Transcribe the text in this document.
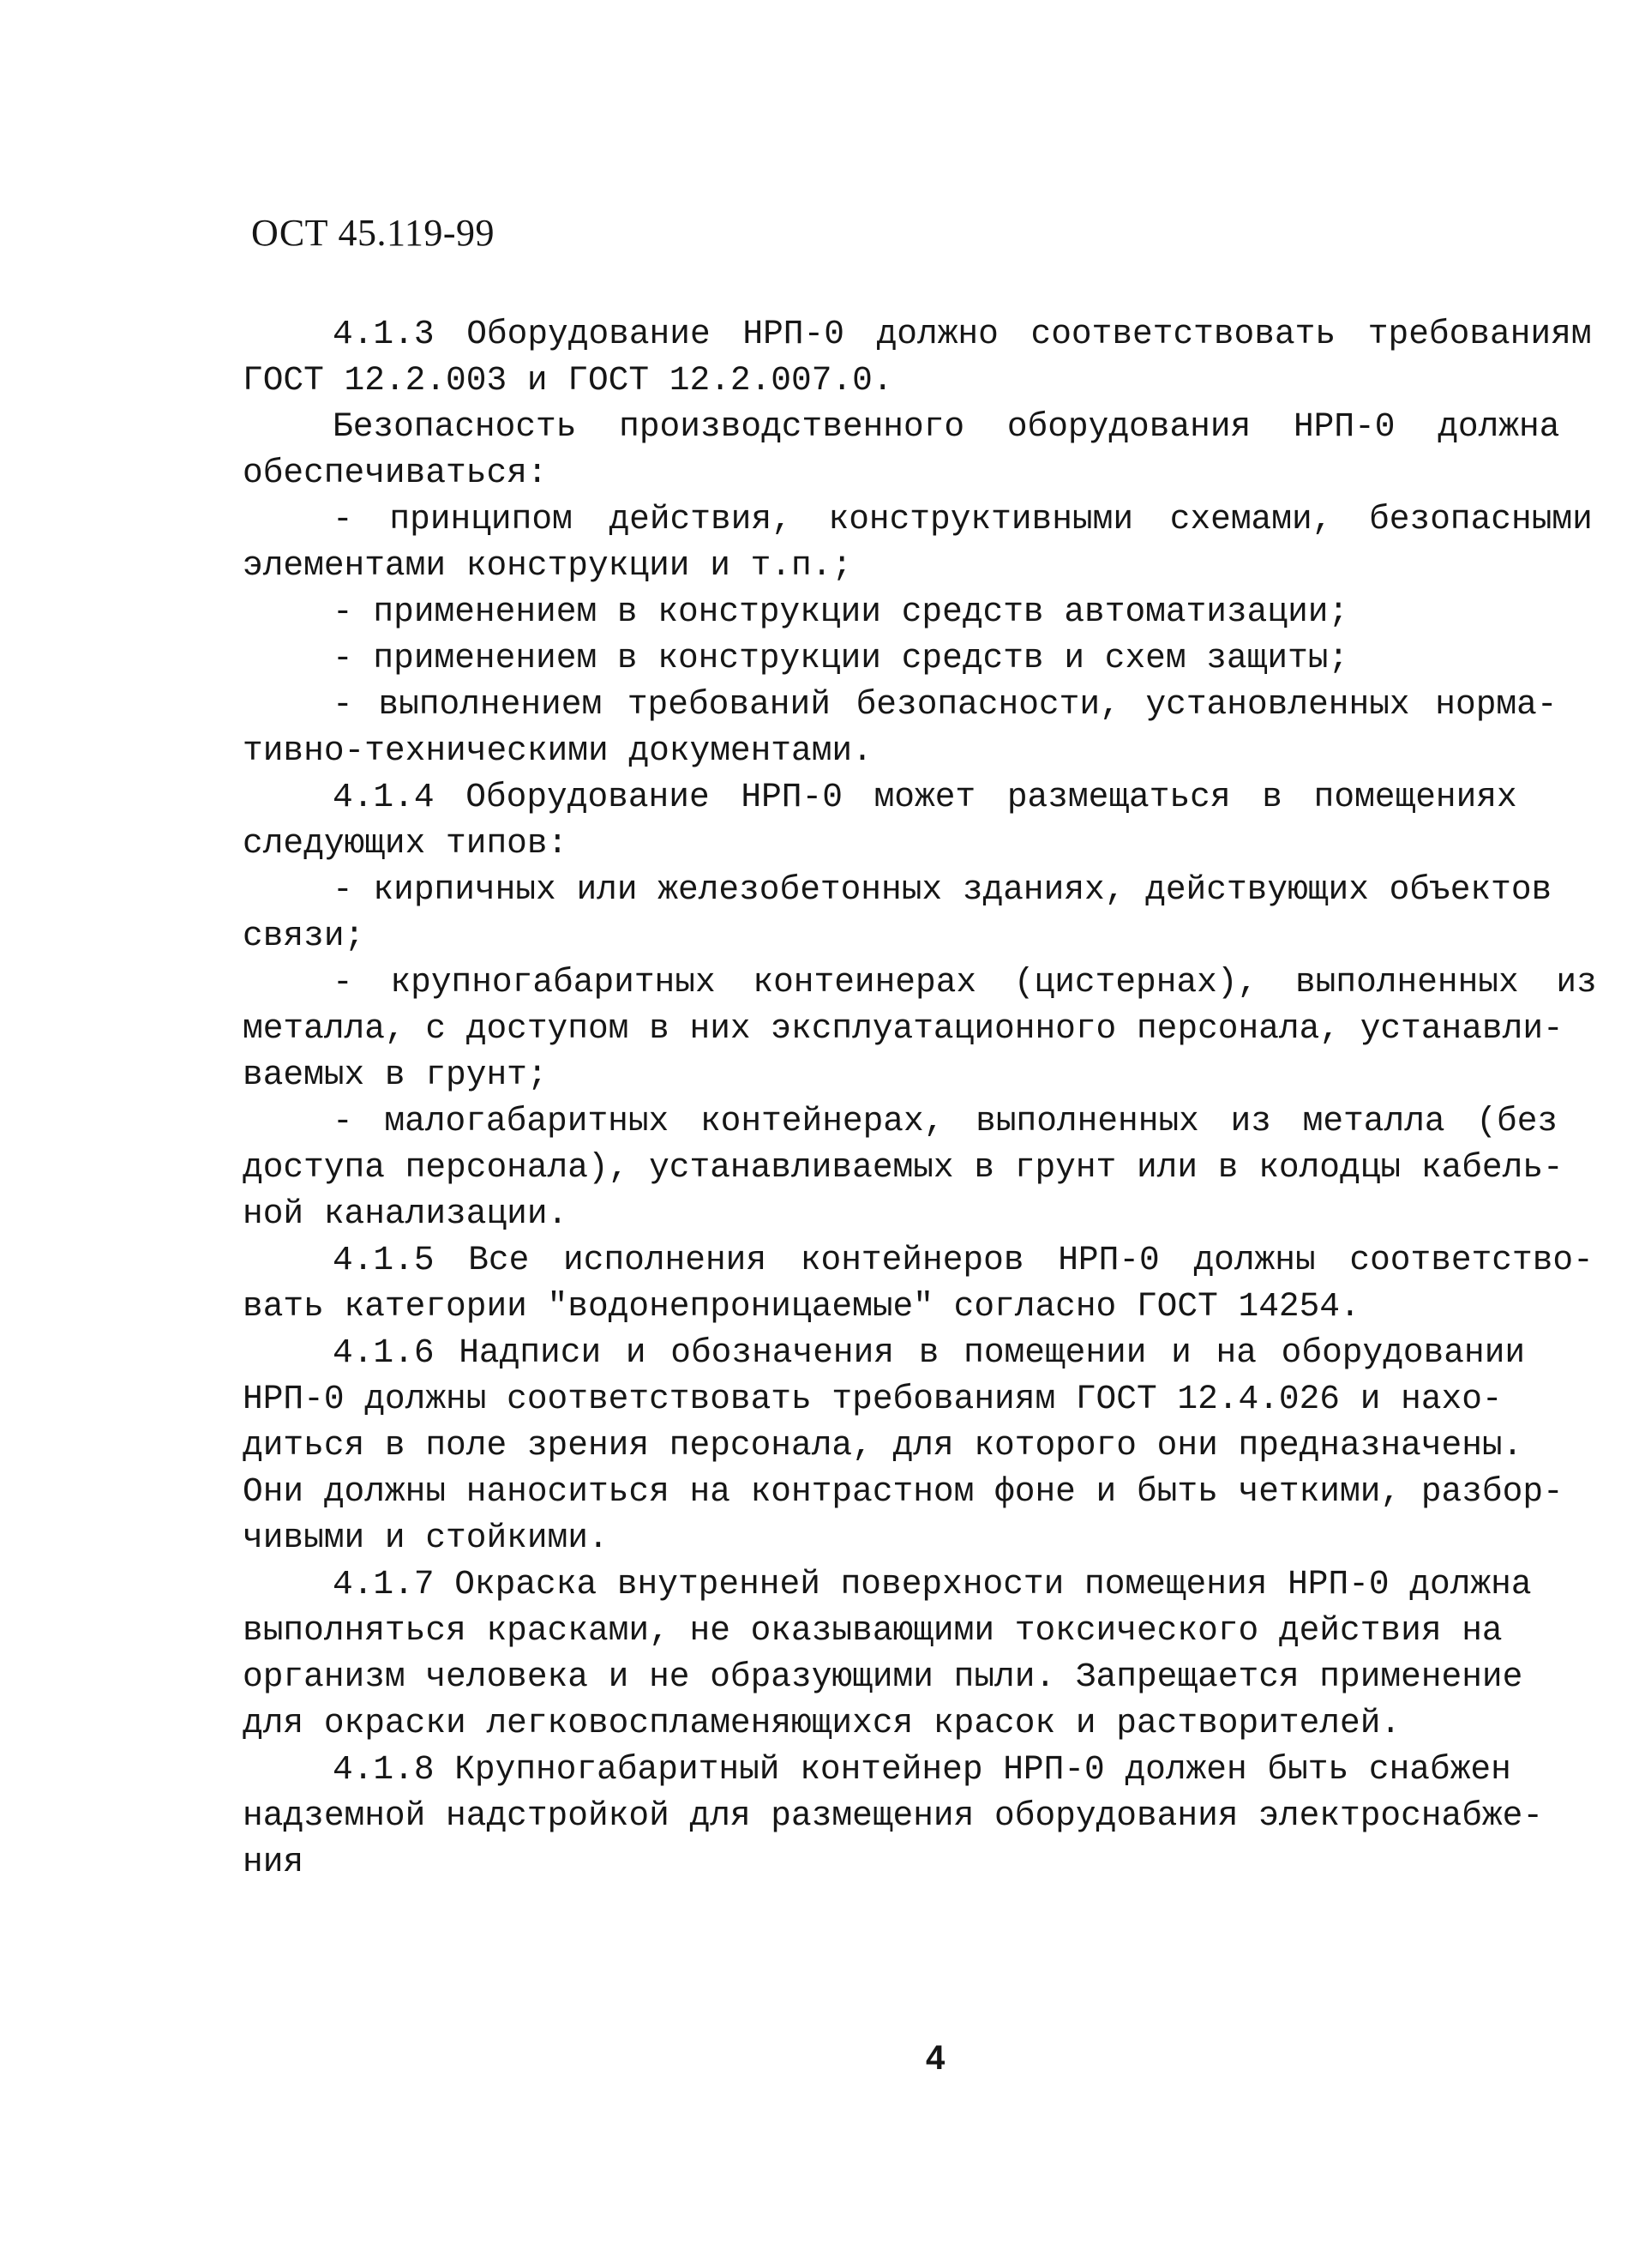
ОСТ 45.119-99
4.1.3 Оборудование НРП-0 должно соответствовать требованиям
ГОСТ 12.2.003 и ГОСТ 12.2.007.0.
Безопасность производственного оборудования НРП-0 должна
обеспечиваться:
- принципом действия, конструктивными схемами, безопасными
элементами конструкции и т.п.;
- применением в конструкции средств автоматизации;
- применением в конструкции средств и схем защиты;
- выполнением требований безопасности, установленных норма-
тивно-техническими документами.
4.1.4 Оборудование НРП-0 может размещаться в помещениях
следующих типов:
- кирпичных или железобетонных зданиях, действующих объектов
связи;
- крупногабаритных контеинерах (цистернах), выполненных из
металла, с доступом в них эксплуатационного персонала, устанавли-
ваемых в грунт;
- малогабаритных контейнерах, выполненных из металла (без
доступа персонала), устанавливаемых в грунт или в колодцы кабель-
ной канализации.
4.1.5 Все исполнения контейнеров НРП-0 должны соответство-
вать категории "водонепроницаемые" согласно ГОСТ 14254.
4.1.6 Надписи и обозначения в помещении и на оборудовании
НРП-0 должны соответствовать требованиям ГОСТ 12.4.026 и нахо-
диться в поле зрения персонала, для которого они предназначены.
Они должны наноситься на контрастном фоне и быть четкими, разбор-
чивыми и стойкими.
4.1.7 Окраска внутренней поверхности помещения НРП-0 должна
выполняться красками, не оказывающими токсического действия на
организм человека и не образующими пыли. Запрещается применение
для окраски легковоспламеняющихся красок и растворителей.
4.1.8 Крупногабаритный контейнер НРП-0 должен быть снабжен
надземной надстройкой для размещения оборудования электроснабже-
ния
4
